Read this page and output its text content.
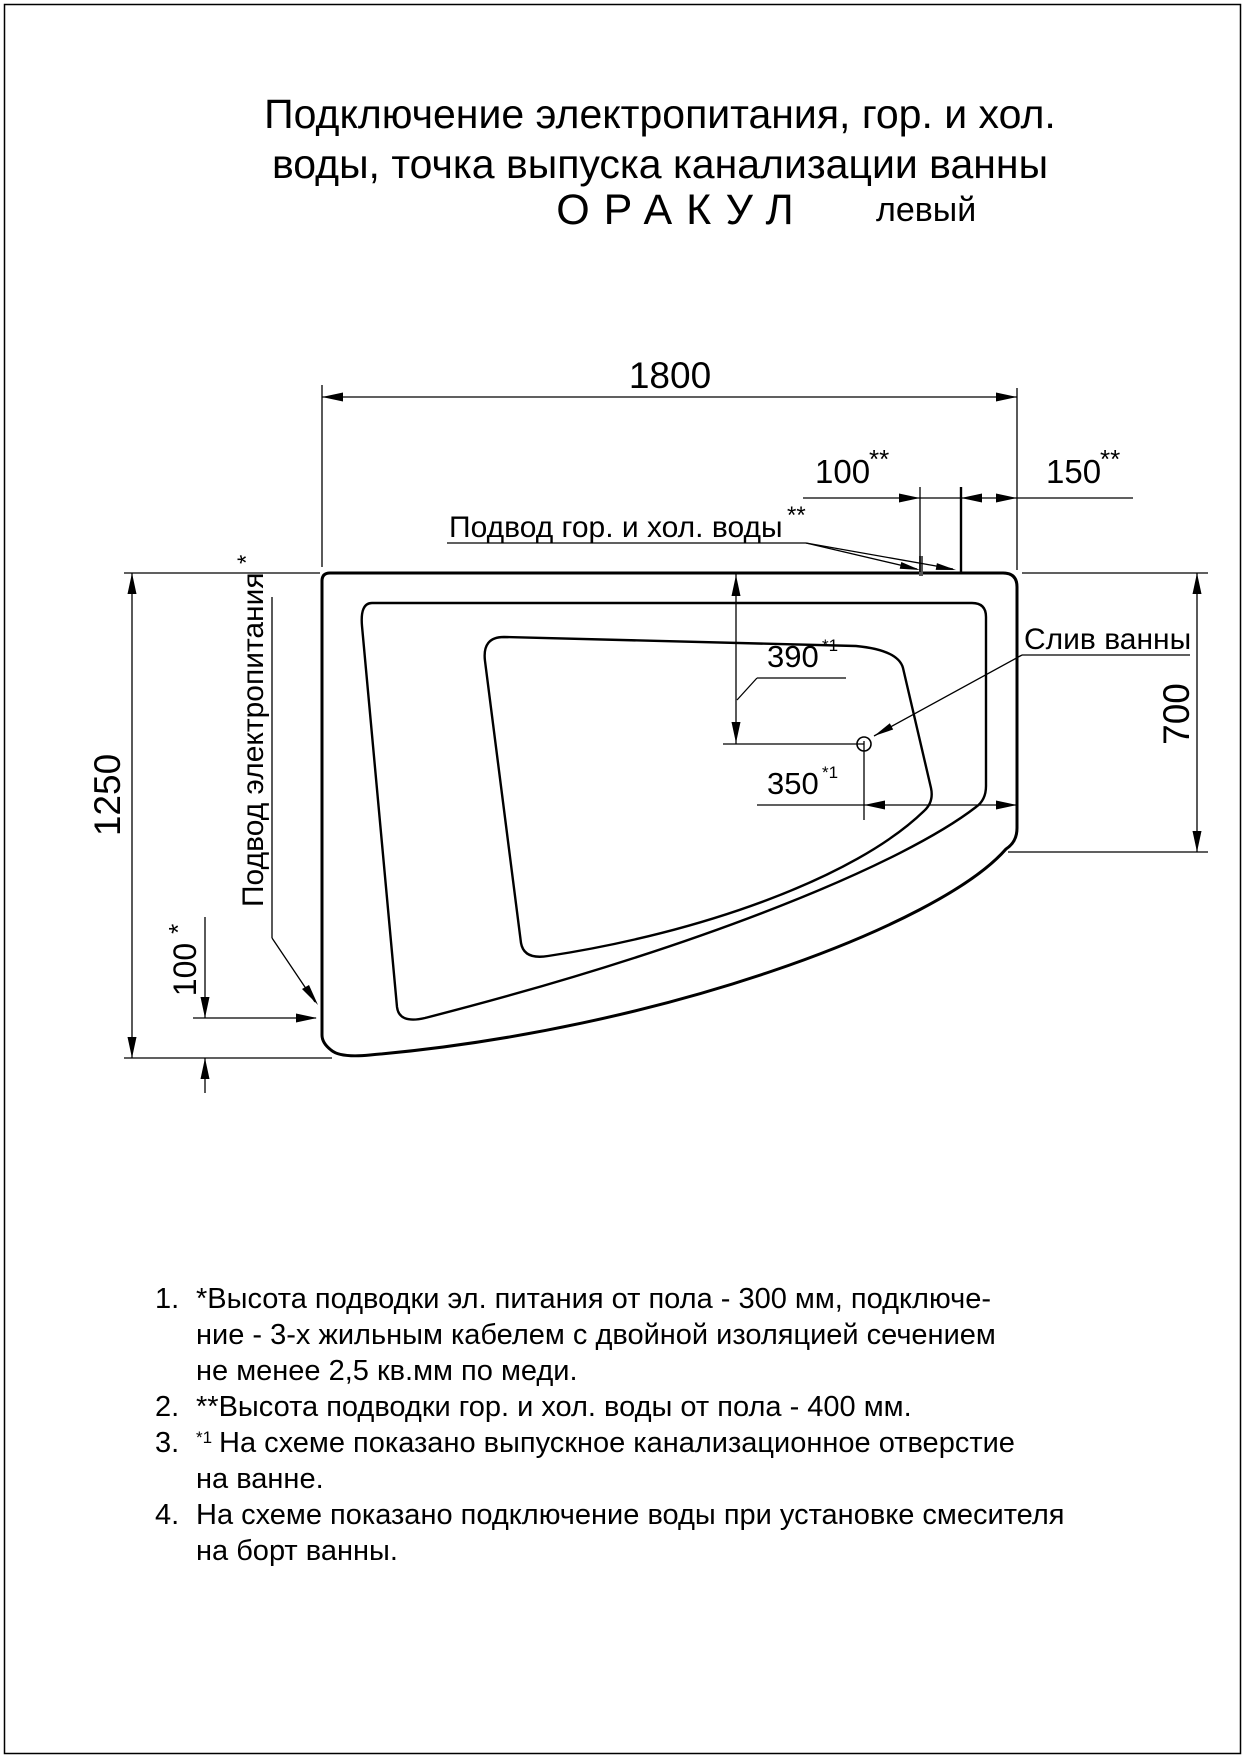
Подключение электропитания, гор. и хол.
воды, точка выпуска канализации ванны
ОРАКУЛ левый
1800
100 **	150 **
Подвод гор. и хол. воды **
Слив ванны
390 *1
350 *1
700
1250
100 *
Подвод электропитания *
1. *Высота подводки эл. питания от пола - 300 мм, подключе-
ние - 3-х жильным кабелем с двойной изоляцией сечением
не менее 2,5 кв.мм по меди.
2. **Высота подводки гор. и хол. воды от пола - 400 мм.
3. *1 На схеме показано выпускное канализационное отверстие
на ванне.
4. На схеме показано подключение воды при установке смесителя
на борт ванны.
